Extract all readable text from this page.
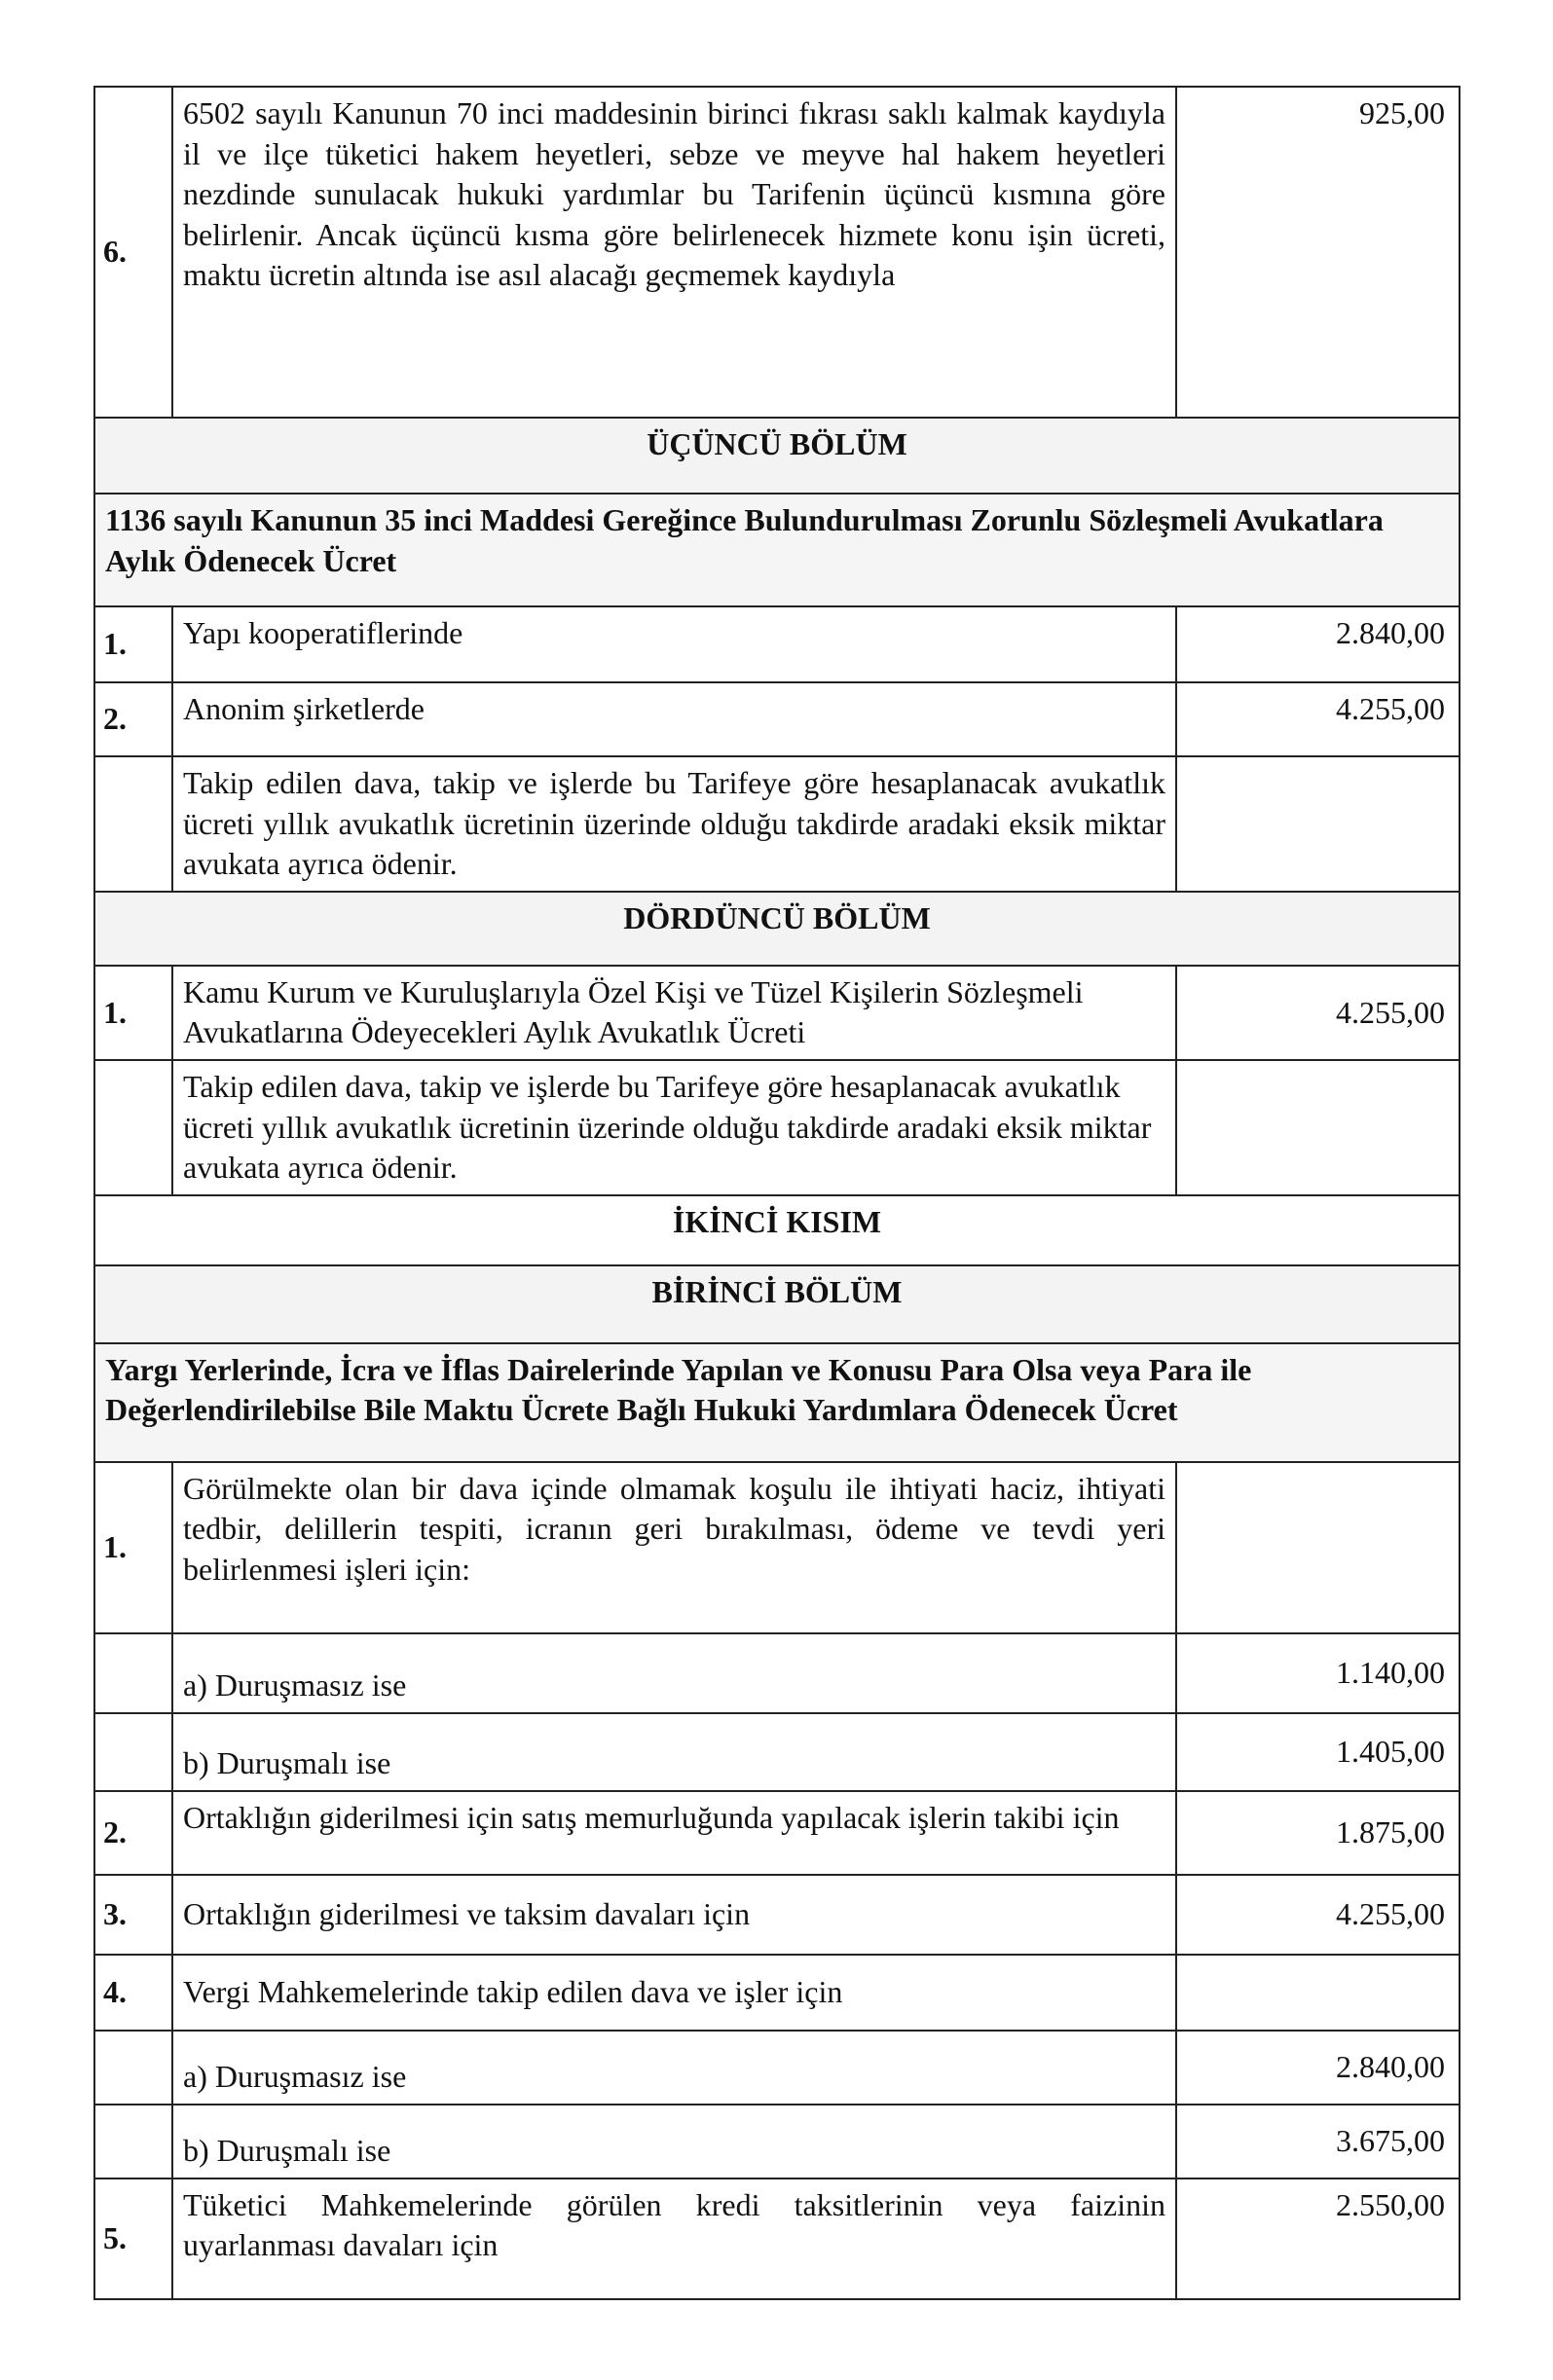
6.	6502 sayılı Kanunun 70 inci maddesinin birinci fıkrası saklı kalmak kaydıyla il ve ilçe tüketici hakem heyetleri, sebze ve meyve hal hakem heyetleri nezdinde sunulacak hukuki yardımlar bu Tarifenin üçüncü kısmına göre belirlenir. Ancak üçüncü kısma göre belirlenecek hizmete konu işin ücreti, maktu ücretin altında ise asıl alacağı geçmemek kaydıyla	925,00
ÜÇÜNCÜ BÖLÜM		
1136 sayılı Kanunun 35 inci Maddesi Gereğince Bulundurulması Zorunlu Sözleşmeli Avukatlara Aylık Ödenecek Ücret		
1.	Yapı kooperatiflerinde	2.840,00
2.	Anonim şirketlerde	4.255,00
	Takip edilen dava, takip ve işlerde bu Tarifeye göre hesaplanacak avukatlık ücreti yıllık avukatlık ücretinin üzerinde olduğu takdirde aradaki eksik miktar avukata ayrıca ödenir.	
DÖRDÜNCÜ BÖLÜM		
1.	Kamu Kurum ve Kuruluşlarıyla Özel Kişi ve Tüzel Kişilerin Sözleşmeli Avukatlarına Ödeyecekleri Aylık Avukatlık Ücreti	4.255,00
	Takip edilen dava, takip ve işlerde bu Tarifeye göre hesaplanacak avukatlık ücreti yıllık avukatlık ücretinin üzerinde olduğu takdirde aradaki eksik miktar avukata ayrıca ödenir.	
İKİNCİ KISIM		
BİRİNCİ BÖLÜM		
Yargı Yerlerinde, İcra ve İflas Dairelerinde Yapılan ve Konusu Para Olsa veya Para ile Değerlendirilebilse Bile Maktu Ücrete Bağlı Hukuki Yardımlara Ödenecek Ücret		
1.	Görülmekte olan bir dava içinde olmamak koşulu ile ihtiyati haciz, ihtiyati tedbir, delillerin tespiti, icranın geri bırakılması, ödeme ve tevdi yeri belirlenmesi işleri için:	
	a) Duruşmasız ise	1.140,00
	b) Duruşmalı ise	1.405,00
2.	Ortaklığın giderilmesi için satış memurluğunda yapılacak işlerin takibi için	1.875,00
3.	Ortaklığın giderilmesi ve taksim davaları için	4.255,00
4.	Vergi Mahkemelerinde takip edilen dava ve işler için	
	a) Duruşmasız ise	2.840,00
	b) Duruşmalı ise	3.675,00
5.	Tüketici Mahkemelerinde görülen kredi taksitlerinin veya faizinin uyarlanması davaları için	2.550,00
